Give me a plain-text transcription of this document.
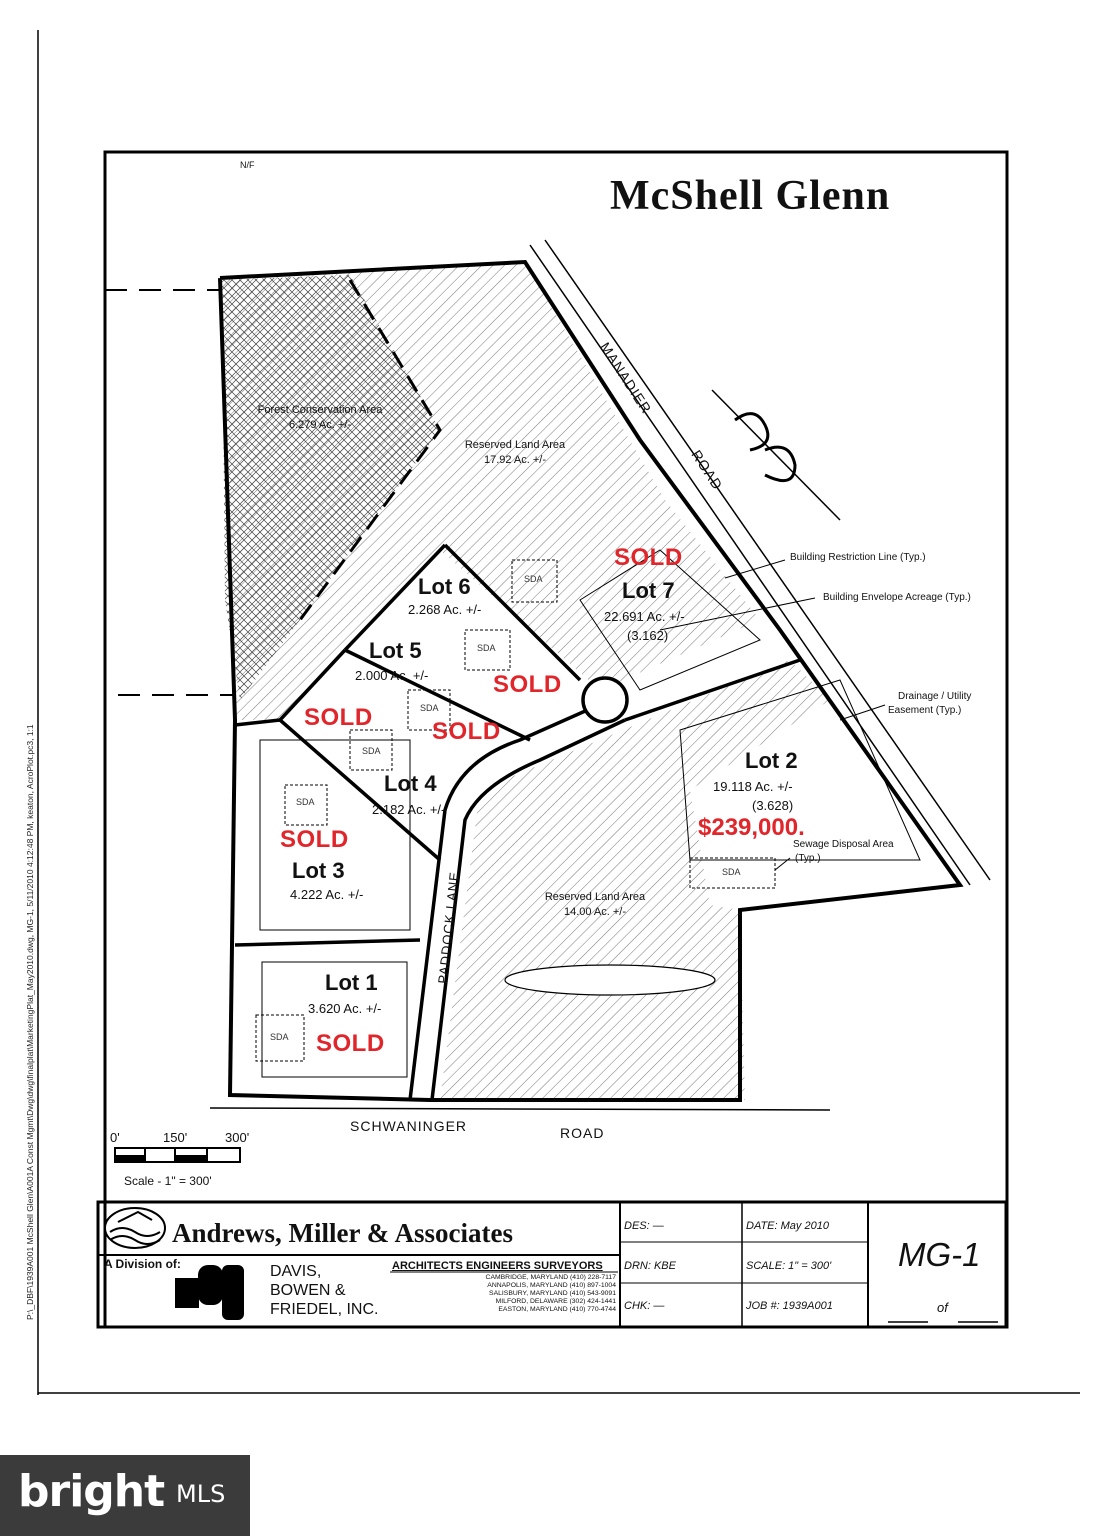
McShell Glenn
N/F
Forest Conservation Area
6.279 Ac. +/-
Reserved Land Area
17.92 Ac. +/-
Reserved Land Area
14.00 Ac. +/-
MANADIER
ROAD
PADDOCK LANE
SCHWANINGER	ROAD
Lot 6
2.268 Ac. +/-
SOLD
Lot 7
22.691 Ac. +/-
(3.162)
Lot 5
2.000 Ac. +/-	SOLD
SOLD
SOLD
Lot 4
2.182 Ac. +/-
SOLD
Lot 3
4.222 Ac. +/-
Lot 2
19.118 Ac. +/-
(3.628)
$239,000.
Lot 1
3.620 Ac. +/-
SOLD
SDA
SDA
SDA
SDA
SDA
SDA
SDA
Building Restriction Line (Typ.)
Building Envelope Acreage (Typ.)
Drainage / Utility
Easement (Typ.)
Sewage Disposal Area
(Typ.)
0'	150'	300'
Scale - 1" = 300'
P:\_DBF\1939A001 McShell Glen\A001A Const Mgmt\Dwg\dwg\finalplat\MarketingPlat_May2010.dwg, MG-1, 5/11/2010 4:12:48 PM, keaton, AcroPlot.pc3, 1:1	Andrews, Miller & Associates
A Division of:	DAVIS,
BOWEN &
FRIEDEL, INC.
ARCHITECTS ENGINEERS SURVEYORS
CAMBRIDGE, MARYLAND (410) 228-7117
ANNAPOLIS, MARYLAND (410) 897-1004
SALISBURY, MARYLAND (410) 543-9091
MILFORD, DELAWARE (302) 424-1441
EASTON, MARYLAND (410) 770-4744
DES: —
DRN: KBE
CHK: —
DATE: May 2010
SCALE: 1" = 300'
JOB #: 1939A001
MG-1
of
bright MLS
